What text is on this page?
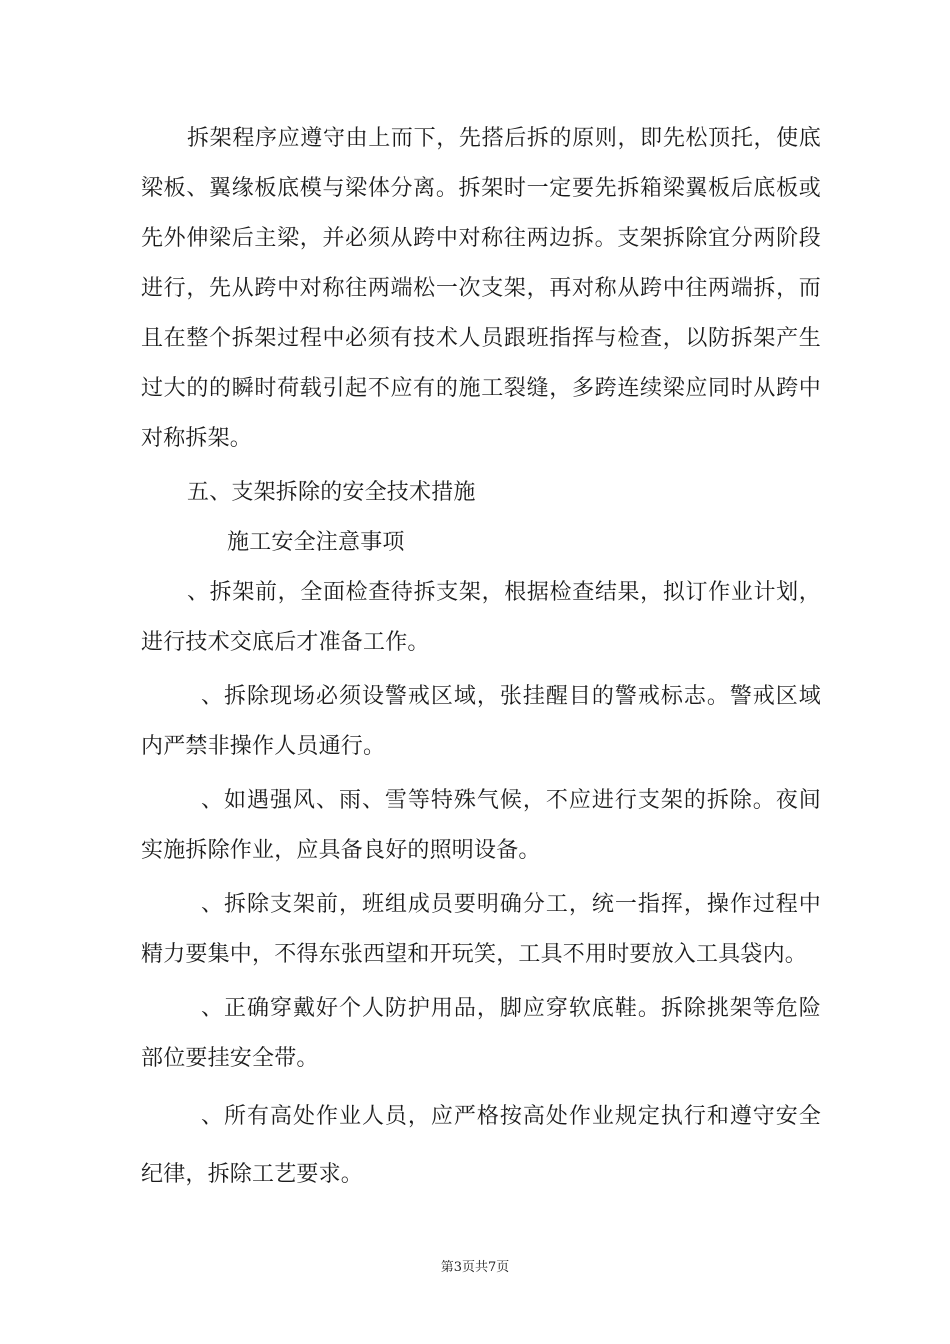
拆架程序应遵守由上而下，先搭后拆的原则，即先松顶托，使底梁板、翼缘板底模与梁体分离。拆架时一定要先拆箱梁翼板后底板或先外伸梁后主梁，并必须从跨中对称往两边拆。支架拆除宜分两阶段进行，先从跨中对称往两端松一次支架，再对称从跨中往两端拆，而且在整个拆架过程中必须有技术人员跟班指挥与检查，以防拆架产生过大的的瞬时荷载引起不应有的施工裂缝，多跨连续梁应同时从跨中对称拆架。

五、支架拆除的安全技术措施

施工安全注意事项

、拆架前，全面检查待拆支架，根据检查结果，拟订作业计划，进行技术交底后才准备工作。

、拆除现场必须设警戒区域，张挂醒目的警戒标志。警戒区域内严禁非操作人员通行。

、如遇强风、雨、雪等特殊气候，不应进行支架的拆除。夜间实施拆除作业，应具备良好的照明设备。

、拆除支架前，班组成员要明确分工，统一指挥，操作过程中精力要集中，不得东张西望和开玩笑，工具不用时要放入工具袋内。

、正确穿戴好个人防护用品，脚应穿软底鞋。拆除挑架等危险部位要挂安全带。

、所有高处作业人员，应严格按高处作业规定执行和遵守安全纪律，拆除工艺要求。

第3页共7页
